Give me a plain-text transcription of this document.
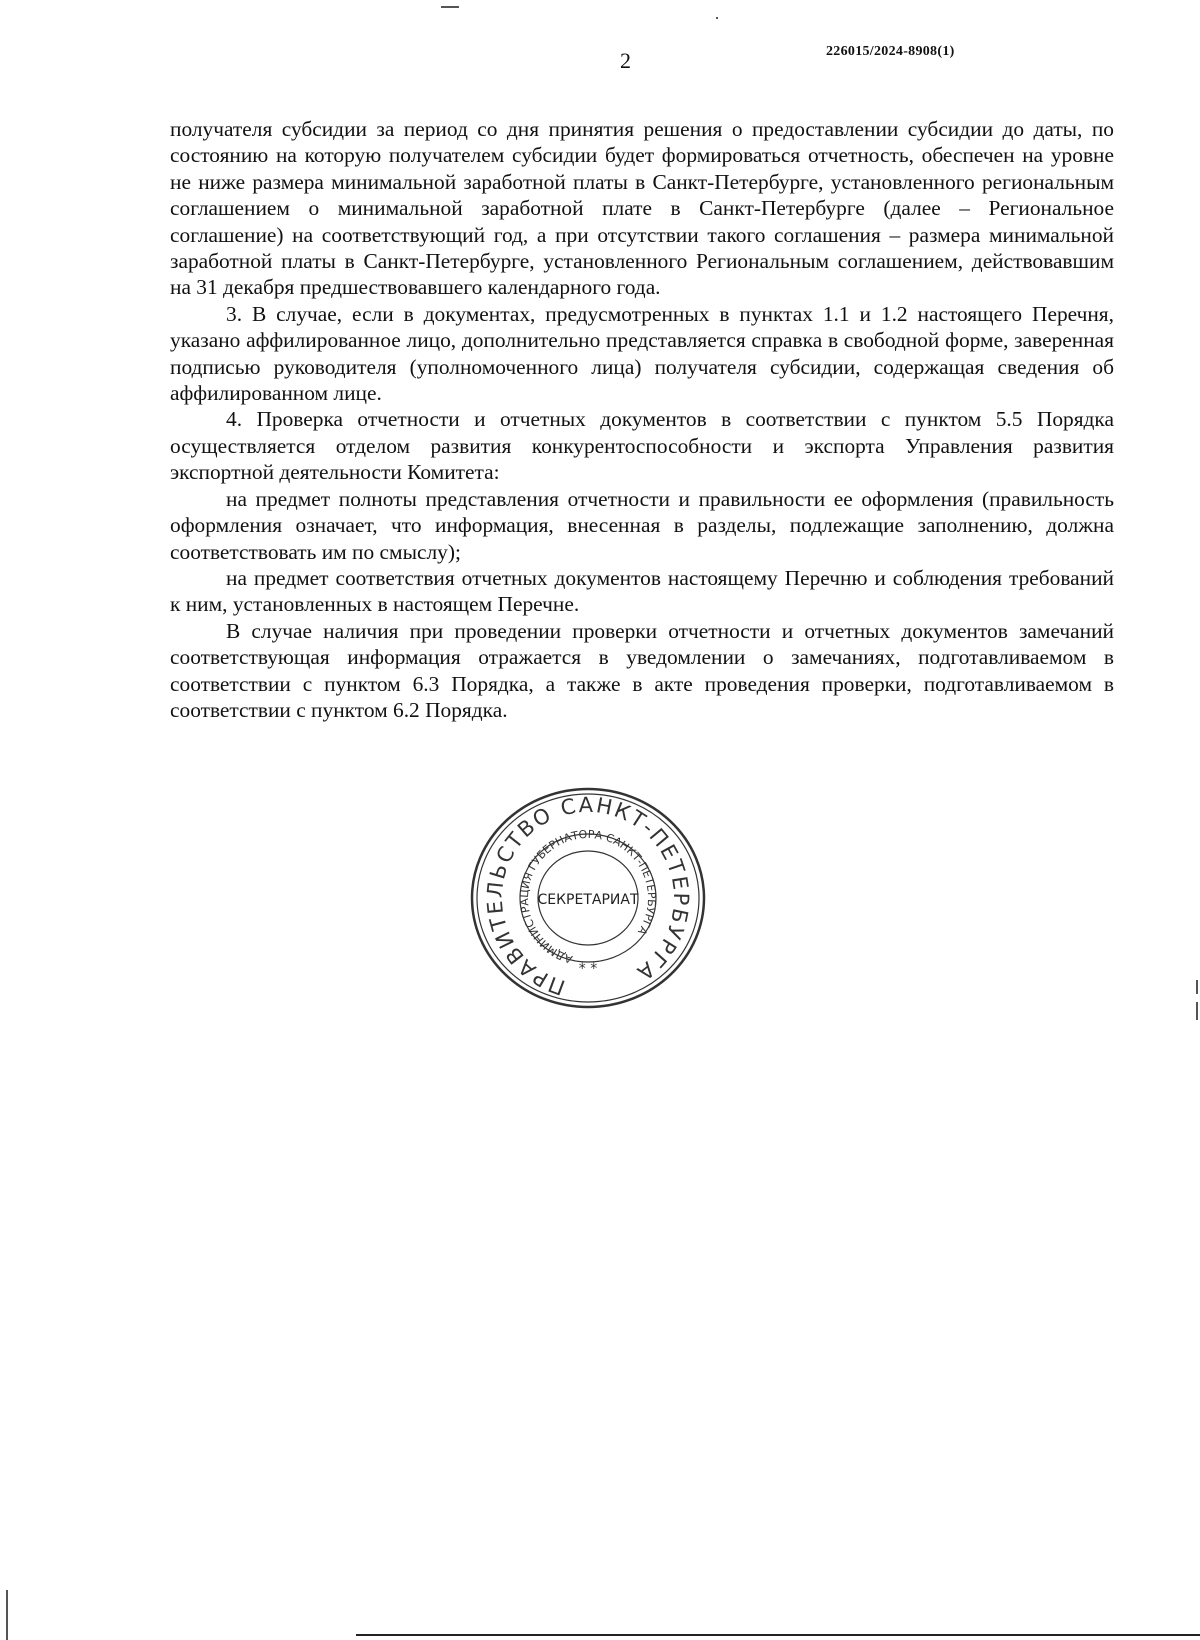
2	226015/2024-8908(1)

получателя субсидии за период со дня принятия решения о предоставлении субсидии до даты, по состоянию на которую получателем субсидии будет формироваться отчетность, обеспечен на уровне не ниже размера минимальной заработной платы в Санкт-Петербурге, установленного региональным соглашением о минимальной заработной плате в Санкт-Петербурге (далее – Региональное соглашение) на соответствующий год, а при отсутствии такого соглашения – размера минимальной заработной платы в Санкт-Петербурге, установленного Региональным соглашением, действовавшим на 31 декабря предшествовавшего календарного года.

3. В случае, если в документах, предусмотренных в пунктах 1.1 и 1.2 настоящего Перечня, указано аффилированное лицо, дополнительно представляется справка в свободной форме, заверенная подписью руководителя (уполномоченного лица) получателя субсидии, содержащая сведения об аффилированном лице.

4. Проверка отчетности и отчетных документов в соответствии с пунктом 5.5 Порядка осуществляется отделом развития конкурентоспособности и экспорта Управления развития экспортной деятельности Комитета:

на предмет полноты представления отчетности и правильности ее оформления (правильность оформления означает, что информация, внесенная в разделы, подлежащие заполнению, должна соответствовать им по смыслу);

на предмет соответствия отчетных документов настоящему Перечню и соблюдения требований к ним, установленных в настоящем Перечне.

В случае наличия при проведении проверки отчетности и отчетных документов замечаний соответствующая информация отражается в уведомлении о замечаниях, подготавливаемом в соответствии с пунктом 6.3 Порядка, а также в акте проведения проверки, подготавливаемом в соответствии с пунктом 6.2 Порядка.

ПРАВИТЕЛЬСТВО САНКТ-ПЕТЕРБУРГА
АДМИНИСТРАЦИЯ ГУБЕРНАТОРА САНКТ-ПЕТЕРБУРГА
СЕКРЕТАРИАТ
* *
